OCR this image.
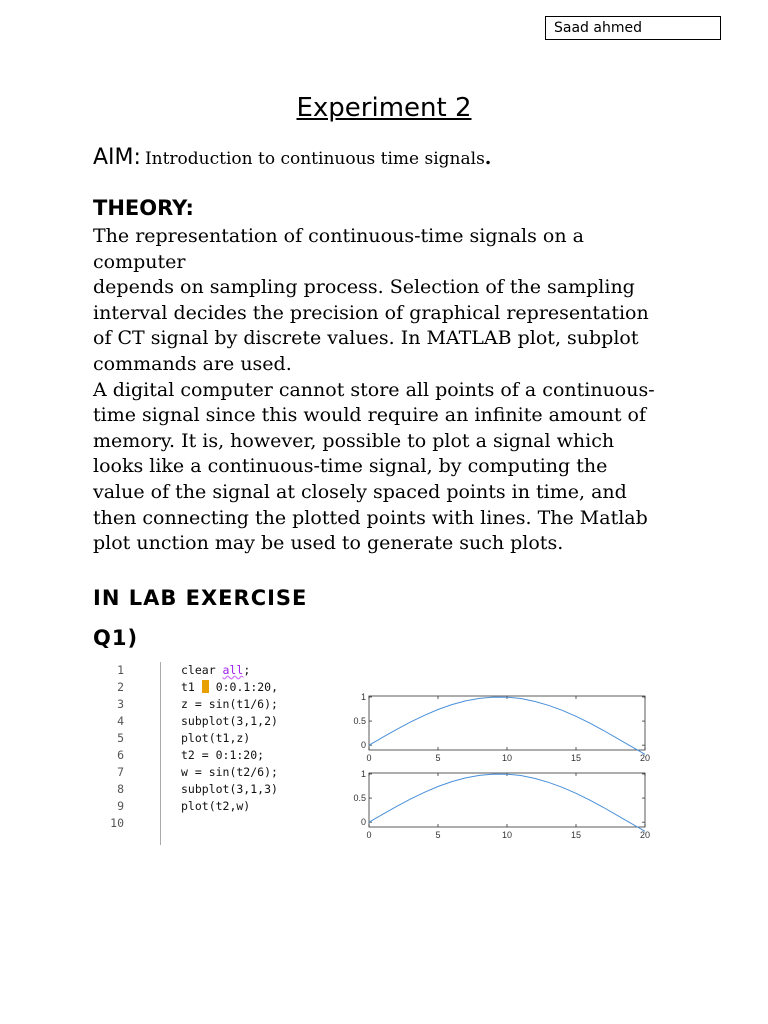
Saad ahmed
Experiment 2
AIM: Introduction to continuous time signals.
THEORY:

The representation of continuous-time signals on a

computer

depends on sampling process. Selection of the sampling

interval decides the precision of graphical representation

of CT signal by discrete values. In MATLAB plot, subplot

commands are used.

A digital computer cannot store all points of a continuous-

time signal since this would require an infinite amount of

memory. It is, however, possible to plot a signal which

looks like a continuous-time signal, by computing the

value of the signal at closely spaced points in time, and

then connecting the plotted points with lines. The Matlab

plot unction may be used to generate such plots.

IN LAB EXERCISE
Q1)
1
2
3
4
5
6
7
8
9
10
clear all;
t1  0:0.1:20,
z = sin(t1/6);
subplot(3,1,2)
plot(t1,z)
t2 = 0:1:20;
w = sin(t2/6);
subplot(3,1,3)
plot(t2,w)
0	5	10	15	20
0
0.5
1
0	5	10	15	20
0
0.5
1
